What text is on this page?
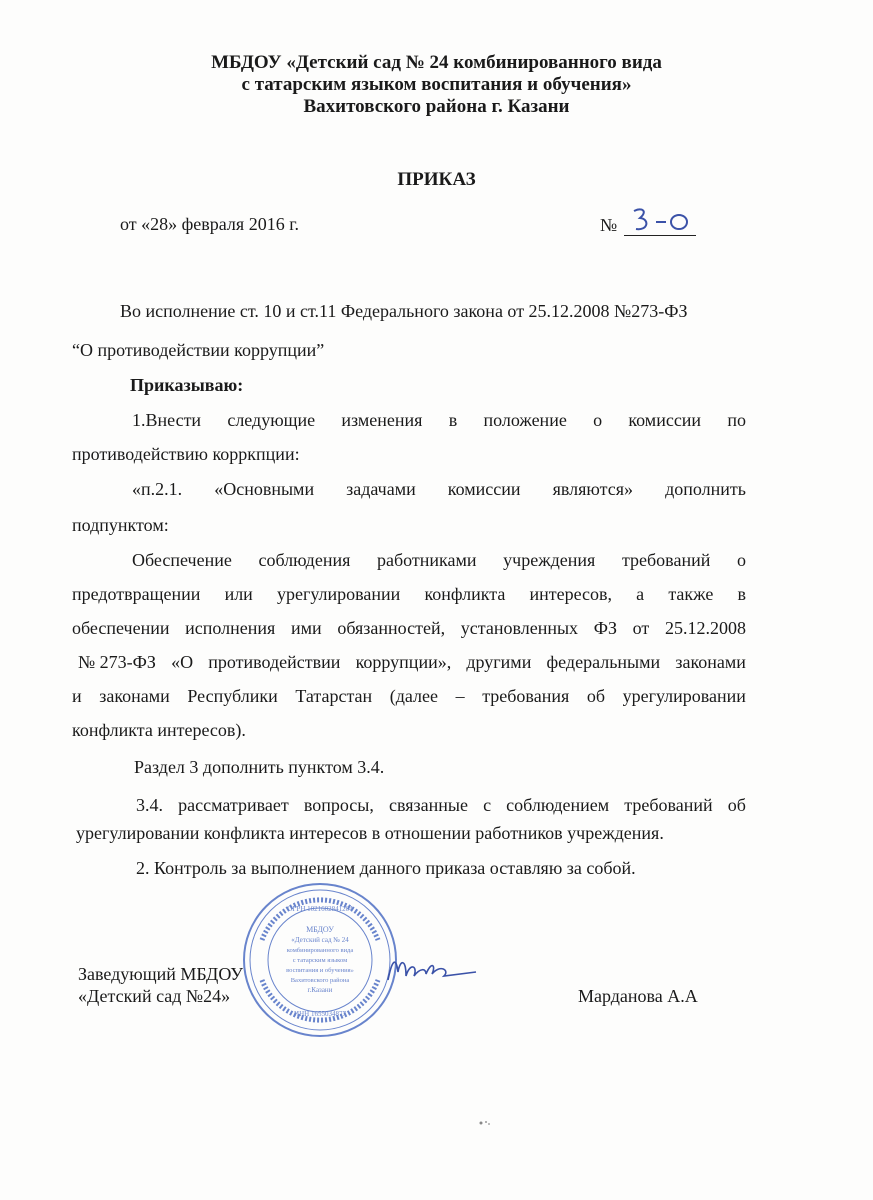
МБДОУ «Детский сад № 24 комбинированного вида
с татарским языком воспитания и обучения»
Вахитовского района г. Казани
ПРИКАЗ
от «28» февраля 2016 г.	№
Во исполнение ст. 10 и ст.11 Федерального закона от 25.12.2008 №273-ФЗ
“О противодействии коррупции”
Приказываю:
1.Внести следующие изменения в положение о комиссии по
противодействию корркпции:
«п.2.1. «Основными задачами комиссии являются» дополнить
подпунктом:
Обеспечение соблюдения работниками учреждения требований о
предотвращении или урегулировании конфликта интересов, а также в
обеспечении исполнения ими обязанностей, установленных ФЗ от 25.12.2008
№ 273-ФЗ «О противодействии коррупции», другими федеральными законами
и законами Республики Татарстан (далее – требования об урегулировании
конфликта интересов).
Раздел 3 дополнить пунктом 3.4.
3.4. рассматривает вопросы, связанные с соблюдением требований об
урегулировании конфликта интересов в отношении работников учреждения.
2. Контроль за выполнением данного приказа оставляю за собой.
Заведующий МБДОУ
«Детский сад №24»	Марданова А.А
ОГРН 1021602841204
МБДОУ
«Детский сад № 24
комбинированного вида
с татарским языком
воспитания и обучения»
Вахитовского района
г.Казани
ИНН 1655034877
